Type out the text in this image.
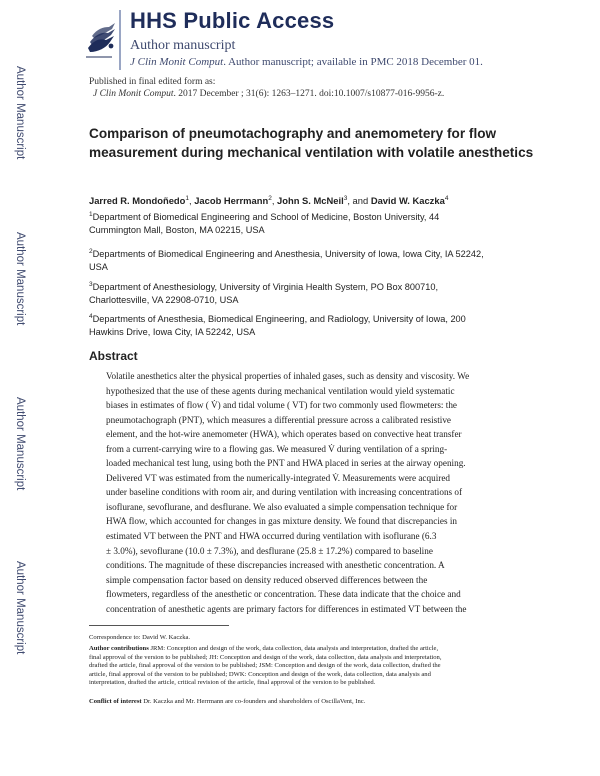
HHS Public Access
Author manuscript
J Clin Monit Comput. Author manuscript; available in PMC 2018 December 01.
Author Manuscript
Author Manuscript
Author Manuscript
Author Manuscript
Published in final edited form as:
J Clin Monit Comput. 2017 December ; 31(6): 1263–1271. doi:10.1007/s10877-016-9956-z.
Comparison of pneumotachography and anemometery for flow measurement during mechanical ventilation with volatile anesthetics
Jarred R. Mondoñedo$^1$, Jacob Herrmann$^2$, John S. McNeil$^3$, and David W. Kaczka$^4$
$^1$Department of Biomedical Engineering and School of Medicine, Boston University, 44
Cummington Mall, Boston, MA 02215, USA
$^2$Departments of Biomedical Engineering and Anesthesia, University of Iowa, Iowa City, IA 52242,
USA
$^3$Department of Anesthesiology, University of Virginia Health System, PO Box 800710,
Charlottesville, VA 22908-0710, USA
$^4$Departments of Anesthesia, Biomedical Engineering, and Radiology, University of Iowa, 200
Hawkins Drive, Iowa City, IA 52242, USA
Abstract
Volatile anesthetics alter the physical properties of inhaled gases, such as density and viscosity. We
hypothesized that the use of these agents during mechanical ventilation would yield systematic
biases in estimates of flow ( V̇) and tidal volume ( VT) for two commonly used flowmeters: the
pneumotachograph (PNT), which measures a differential pressure across a calibrated resistive
element, and the hot-wire anemometer (HWA), which operates based on convective heat transfer
from a current-carrying wire to a flowing gas. We measured V̇ during ventilation of a spring-
loaded mechanical test lung, using both the PNT and HWA placed in series at the airway opening.
Delivered VT was estimated from the numerically-integrated V̇. Measurements were acquired
under baseline conditions with room air, and during ventilation with increasing concentrations of
isoflurane, sevoflurane, and desflurane. We also evaluated a simple compensation technique for
HWA flow, which accounted for changes in gas mixture density. We found that discrepancies in
estimated VT between the PNT and HWA occurred during ventilation with isoflurane (6.3
± 3.0%), sevoflurane (10.0 ± 7.3%), and desflurane (25.8 ± 17.2%) compared to baseline
conditions. The magnitude of these discrepancies increased with anesthetic concentration. A
simple compensation factor based on density reduced observed differences between the
flowmeters, regardless of the anesthetic or concentration. These data indicate that the choice and
concentration of anesthetic agents are primary factors for differences in estimated VT between the
Correspondence to: David W. Kaczka.
Author contributions JRM: Conception and design of the work, data collection, data analysis and interpretation, drafted the article,
final approval of the version to be published; JH: Conception and design of the work, data collection, data analysis and interpretation,
drafted the article, final approval of the version to be published; JSM: Conception and design of the work, data collection, drafted the
article, final approval of the version to be published; DWK: Conception and design of the work, data collection, data analysis and
interpretation, drafted the article, critical revision of the article, final approval of the version to be published.
Conflict of interest Dr. Kaczka and Mr. Herrmann are co-founders and shareholders of OscillaVent, Inc.
